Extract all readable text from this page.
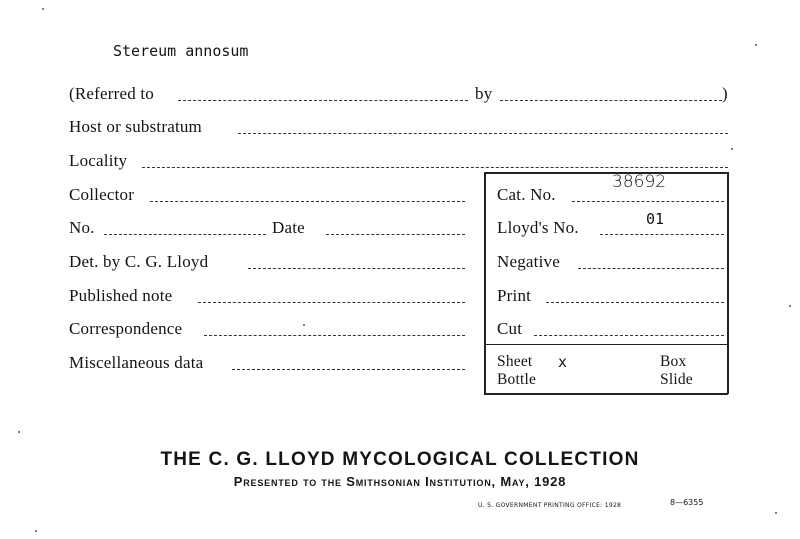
Stereum annosum
(Referred to	by	)
Host or substratum
Locality
Collector
No.	Date
Det. by C. G. Lloyd
Published note
Correspondence
Miscellaneous data
Cat. No.
38692
Lloyd's No.	01
Negative
Print
Cut
Sheet x	Box
Bottle	Slide
THE C. G. LLOYD MYCOLOGICAL COLLECTION
Presented to the Smithsonian Institution, May, 1928
U. S. GOVERNMENT PRINTING OFFICE: 1928	8—6355
